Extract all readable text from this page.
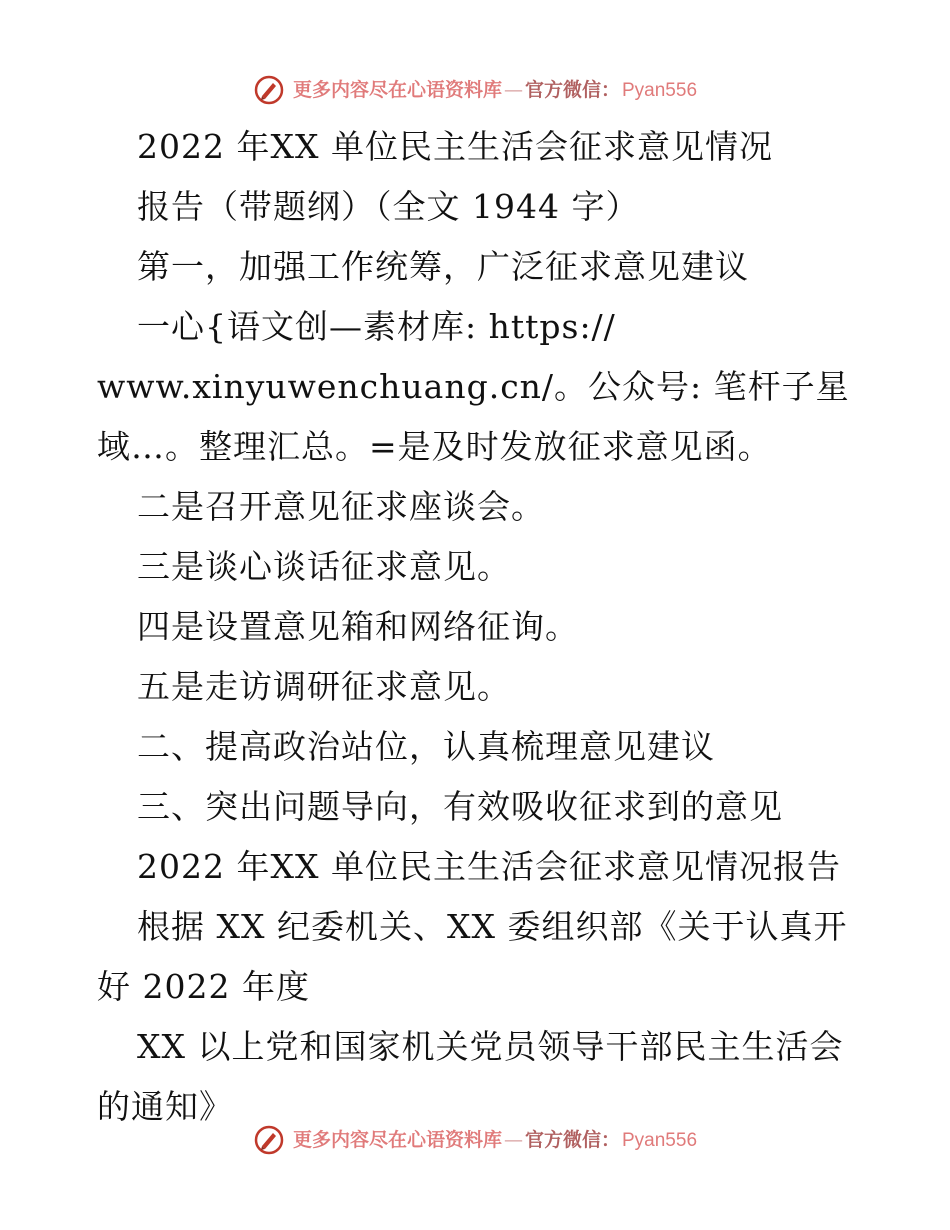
更多内容尽在心语资料库 — 官方微信： Pyan556
2022 年XX 单位民主生活会征求意见情况
报告（带题纲）（全文 1944 字）
第一，加强工作统筹，广泛征求意见建议
一心{语文创—素材库: https://
www.xinyuwenchuang.cn/。公众号: 笔杆子星
域…。整理汇总。=是及时发放征求意见函。
二是召开意见征求座谈会。
三是谈心谈话征求意见。
四是设置意见箱和网络征询。
五是走访调研征求意见。
二、提高政治站位，认真梳理意见建议
三、突出问题导向，有效吸收征求到的意见
2022 年XX 单位民主生活会征求意见情况报告
根据 XX 纪委机关、XX 委组织部《关于认真开
好 2022 年度
XX 以上党和国家机关党员领导干部民主生活会
的通知》
更多内容尽在心语资料库 — 官方微信： Pyan556
